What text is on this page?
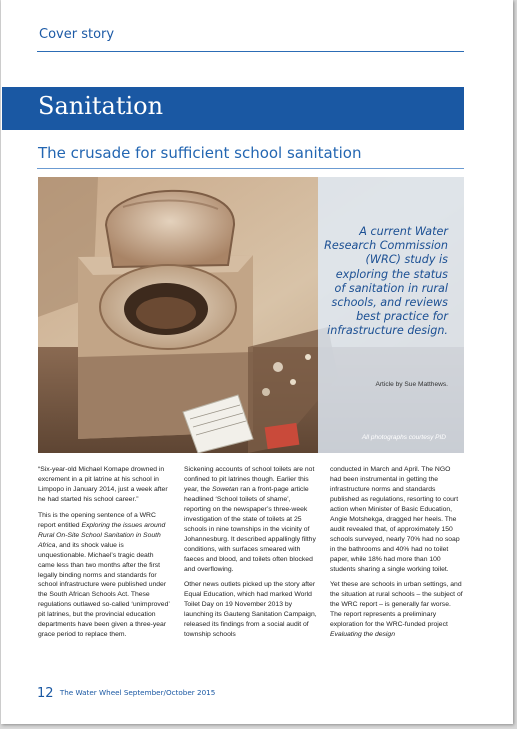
Cover story
Sanitation
The crusade for sufficient school sanitation
A current Water Research Commission (WRC) study is exploring the status of sanitation in rural schools, and reviews best practice for infrastructure design.
Article by Sue Matthews.
All photographs courtesy PID

“Six-year-old Michael Komape drowned in excrement in a pit latrine at his school in Limpopo in January 2014, just a week after he had started his school career.”

This is the opening sentence of a WRC report entitled Exploring the issues around Rural On-Site School Sanitation in South Africa, and its shock value is unquestionable. Michael’s tragic death came less than two months after the first legally binding norms and standards for school infrastructure were published under the South African Schools Act. These regulations outlawed so-called ‘unimproved’ pit latrines, but the provincial education departments have been given a three-year grace period to replace them.

Sickening accounts of school toilets are not confined to pit latrines though. Earlier this year, the Sowetan ran a front-page article headlined ‘School toilets of shame’, reporting on the newspaper’s three-week investigation of the state of toilets at 25 schools in nine townships in the vicinity of Johannesburg. It described appallingly filthy conditions, with surfaces smeared with faeces and blood, and toilets often blocked and overflowing.

Other news outlets picked up the story after Equal Education, which had marked World Toilet Day on 19 November 2013 by launching its Gauteng Sanitation Campaign, released its findings from a social audit of township schools

conducted in March and April. The NGO had been instrumental in getting the infrastructure norms and standards published as regulations, resorting to court action when Minister of Basic Education, Angie Motshekga, dragged her heels. The audit revealed that, of approximately 150 schools surveyed, nearly 70% had no soap in the bathrooms and 40% had no toilet paper, while 18% had more than 100 students sharing a single working toilet.

Yet these are schools in urban settings, and the situation at rural schools – the subject of the WRC report – is generally far worse. The report represents a preliminary exploration for the WRC-funded project Evaluating the design

12 The Water Wheel September/October 2015
